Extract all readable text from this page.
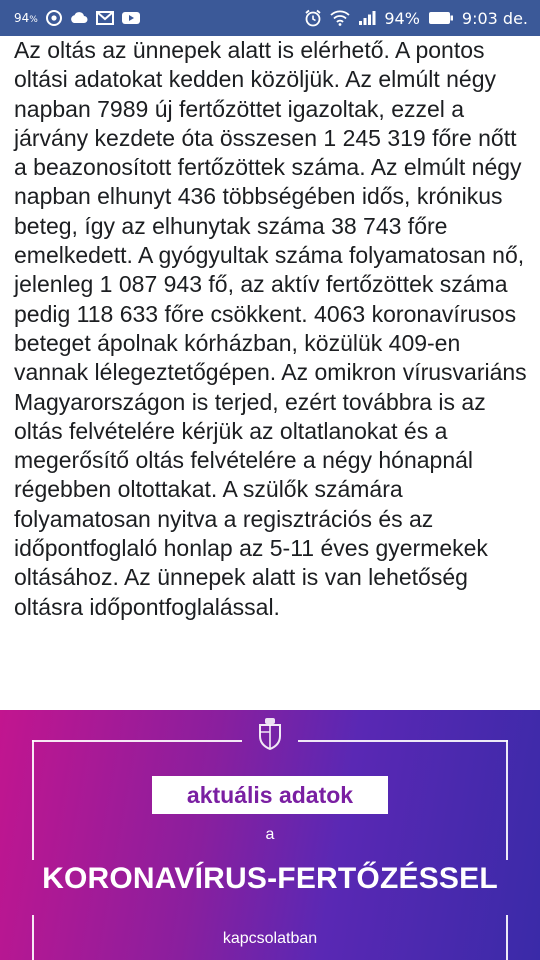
94%	94%	9:03 de.

Az oltás az ünnepek alatt is elérhető. A pontos oltási adatokat kedden közöljük. Az elmúlt négy napban 7989 új fertőzöttet igazoltak, ezzel a járvány kezdete óta összesen 1 245 319 főre nőtt a beazonosított fertőzöttek száma. Az elmúlt négy napban elhunyt 436 többségében idős, krónikus beteg, így az elhunytak száma 38 743 főre emelkedett. A gyógyultak száma folyamatosan nő, jelenleg 1 087 943 fő, az aktív fertőzöttek száma pedig 118 633 főre csökkent. 4063 koronavírusos beteget ápolnak kórházban, közülük 409-en vannak lélegeztetőgépen. Az omikron vírusvariáns Magyarországon is terjed, ezért továbbra is az oltás felvételére kérjük az oltatlanokat és a megerősítő oltás felvételére a négy hónapnál régebben oltottakat. A szülők számára folyamatosan nyitva a regisztrációs és az időpontfoglaló honlap az 5-11 éves gyermekek oltásához. Az ünnepek alatt is van lehetőség oltásra időpontfoglalással.

aktuális adatok
a
KORONAVÍRUS-FERTŐZÉSSEL
kapcsolatban
